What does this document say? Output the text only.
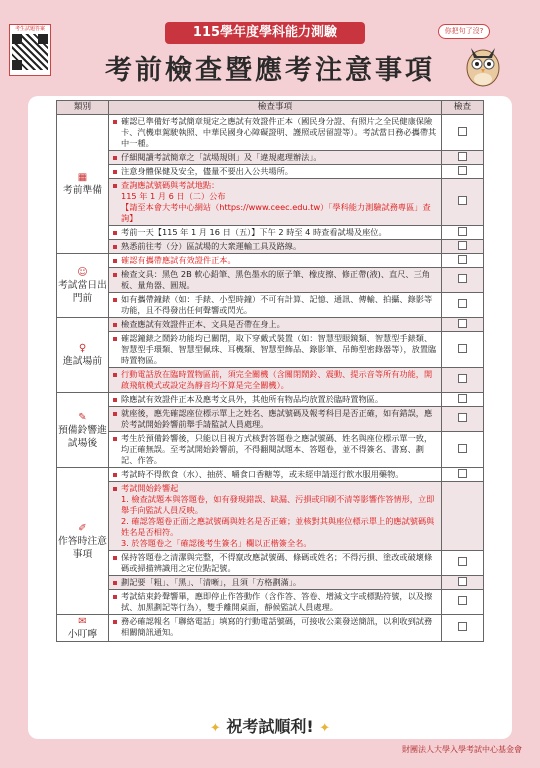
考生試題答案	115學年度學科能力測驗
考前檢查暨應考注意事項
你把句了沒?
類別	檢查事項	檢查

▦
考前準備	確認已準備好考試簡章規定之應試有效證件正本（國民身分證、有照片之全民健康保險卡、汽機車駕駛執照、中華民國身心障礙證明、護照或居留證等）。考試當日務必攜帶其中一種。	

	仔細閱讀考試簡章之「試場規則」及「違規處理辦法」。	

	注意身體保健及安全，儘量不要出入公共場所。	

	查詢應試號碼與考試地點：
115 年 1 月 6 日（二）公布
【請至本會大考中心網站（https://www.ceec.edu.tw）「學科能力測驗試務專區」查詢】	

	考前一天【115 年 1 月 16 日（五）】下午 2 時至 4 時查看試場及座位。	

	熟悉前往考（分）區試場的大衆運輸工具及路線。	

☺
考試當日出門前	確認有攜帶應試有效證件正本。	

	檢查文具：黑色 2B 軟心鉛筆、黑色墨水的原子筆、橡皮擦、修正帶(液)、直尺、三角板、量角器、圓規。	

	如有攜帶鐘錶（如：手錶、小型時鐘）不可有計算、記憶、通訊、傳輸、拍攝、錄影等功能，且不得發出任何聲響或閃光。	

♀
進試場前	檢查應試有效證件正本、文具是否帶在身上。	

	確認鐘錶之鬧鈴功能均已關閉，取下穿戴式裝置（如：智慧型眼鏡類、智慧型手錶類、智慧型手環類、智慧型佩珠、耳機類、智慧型飾品、錄影筆、吊飾型密錄器等），放置臨時置物區。	

	行動電話放在臨時置物區前，須完全關機（含關閉鬧鈴、震動、提示音等所有功能，開啟飛航模式或設定為靜音均不算是完全關機）。	

✎
預備鈴響進試場後	除應試有效證件正本及應考文具外，其他所有物品均放置於臨時置物區。	

	就座後，應先確認座位標示單上之姓名、應試號碼及報考科目是否正確，如有錯誤，應於考試開始鈴響前舉手請監試人員處理。	

	考生於預備鈴響後，只能以目視方式核對答題卷之應試號碼、姓名與座位標示單一致，均正確無誤。至考試開始鈴響前，不得翻閱試題本、答題卷，並不得簽名、書寫、劃記、作答。	

✐
作答時注意事項	考試時不得飲食（水）、抽菸、嚼食口香糖等，或未經申請逕行飲水服用藥物。	

	考試開始鈴響起
1. 檢查試題本與答題卷，如有發現錯誤、缺漏、污損或印刷不清等影響作答情形，立即舉手向監試人員反映。
2. 確認答題卷正面之應試號碼與姓名是否正確；並核對其與座位標示單上的應試號碼與姓名是否相符。
3. 於答題卷之「確認後考生簽名」欄以正楷簽全名。	

	保持答題卷之清潔與完整，不得竄改應試號碼、條碼或姓名；不得污損、塗改或破壞條碼或掃描辨識用之定位點記號。	

	劃記要「粗」、「黑」、「清晰」，且須「方格劃滿」。	

	考試結束鈴聲響畢，應即停止作答動作（含作答、答卷、增減文字或標點符號，以及擦拭、加黑劃記等行為），雙手離開桌面，靜候監試人員處理。	

✉
小叮嚀	務必確認報名「聯絡電話」填寫的行動電話號碼，可接收公業發送簡訊，以利收到試務相關簡訊通知。	

✦ 祝考試順利! ✦
財團法人大學入學考試中心基金會
